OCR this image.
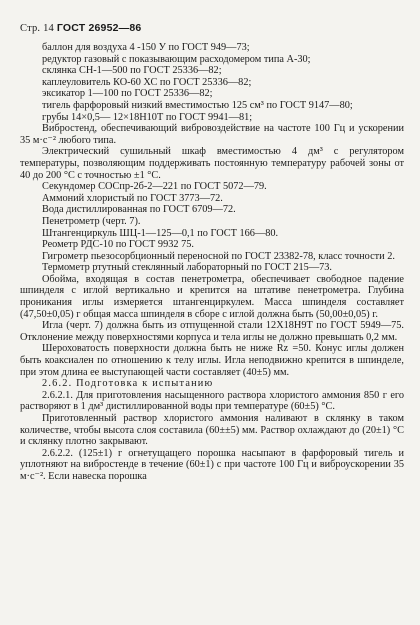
Стр. 14 ГОСТ 26952—86

баллон для воздуха 4 -150 У по ГОСТ 949—73;

редуктор газовый с показывающим расходомером типа А-30;

склянка СН-1—500 по ГОСТ 25336—82;

каплеуловитель КО-60 ХС по ГОСТ 25336—82;

эксикатор 1—100 по ГОСТ 25336—82;

тигель фарфоровый низкий вместимостью 125 см³ по ГОСТ 9147—80;

грубы 14×0,5— 12×18Н10Т по ГОСТ 9941—81;

Вибростенд, обеспечивающий вибровоздействие на частоте 100 Гц и ускорении 35 м·с⁻² любого типа.

Электрический сушильный шкаф вместимостью 4 дм³ с регулятором температуры, позволяющим поддерживать постоянную температуру рабочей зоны от 40 до 200 °С с точностью ±1 °С.

Секундомер СОСпр-2б-2—221 по ГОСТ 5072—79.

Аммоний хлористый по ГОСТ 3773—72.

Вода дистиллированная по ГОСТ 6709—72.

Пенетрометр (черт. 7).

Штангенциркуль ШЦ-1—125—0,1 по ГОСТ 166—80.

Реометр РДС-10 по ГОСТ 9932 75.

Гигрометр пьезосорбционный переносной по ГОСТ 23382-78, класс точности 2.

Термометр ртутный стеклянный лабораторный по ГОСТ 215—73.

Обойма, входящая в состав пенетрометра, обеспечивает свободное падение шпинделя с иглой вертикально и крепится на штативе пенетрометра. Глубина проникания иглы измеряется штангенциркулем. Масса шпинделя составляет (47,50±0,05) г общая масса шпинделя в сборе с иглой должна быть (50,00±0,05) г.

Игла (черт. 7) должна быть из отпущенной стали 12Х18Н9Т по ГОСТ 5949—75. Отклонение между поверхностями корпуса и тела иглы не должно превышать 0,2 мм.

Шероховатость поверхности должна быть не ниже Rz =50. Конус иглы должен быть коаксиален по отношению к телу иглы. Игла неподвижно крепится в шпинделе, при этом длина ее выступающей части составляет (40±5) мм.

2.6.2. Подготовка к испытанию

2.6.2.1. Для приготовления насыщенного раствора хлористого аммония 850 г его растворяют в 1 дм³ дистиллированной воды при температуре (60±5) °С.

Приготовленный раствор хлористого аммония наливают в склянку в таком количестве, чтобы высота слоя составила (60±±5) мм. Раствор охлаждают до (20±1) °С и склянку плотно закрывают.

2.6.2.2. (125±1) г огнетущащего порошка насыпают в фарфоровый тигель и уплотняют на вибростенде в течение (60±1) с при частоте 100 Гц и виброускорении 35 м·с⁻². Если навеска порошка
